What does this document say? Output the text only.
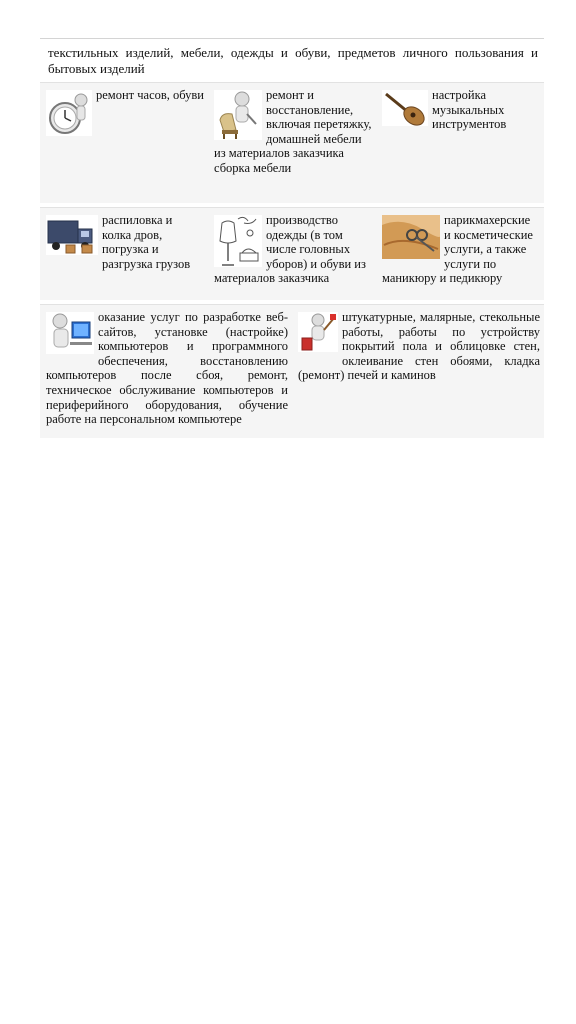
текстильных изделий, мебели, одежды и обуви, предметов личного пользования и бытовых изделий
ремонт часов, обуви	ремонт и восстановление, включая перетяжку, домашней мебели из материалов заказчика сборка мебели
настройка музыкальных инструментов
распиловка и колка дров, погрузка и разгрузка грузов
производство одежды (в том числе головных уборов) и обуви из материалов заказчика
парикмахерские и косметические услуги, а также услуги по маникюру и педикюру
оказание услуг по разработке веб-сайтов, установке (настройке) компьютеров и программного обеспечения, восстановлению компьютеров после сбоя, ремонт, техническое обслуживание компьютеров и периферийного оборудования, обучение работе на персональном компьютере
штукатурные, малярные, стекольные работы, работы по устройству покрытий пола и облицовке стен, оклеивание стен обоями, кладка (ремонт) печей и каминов
